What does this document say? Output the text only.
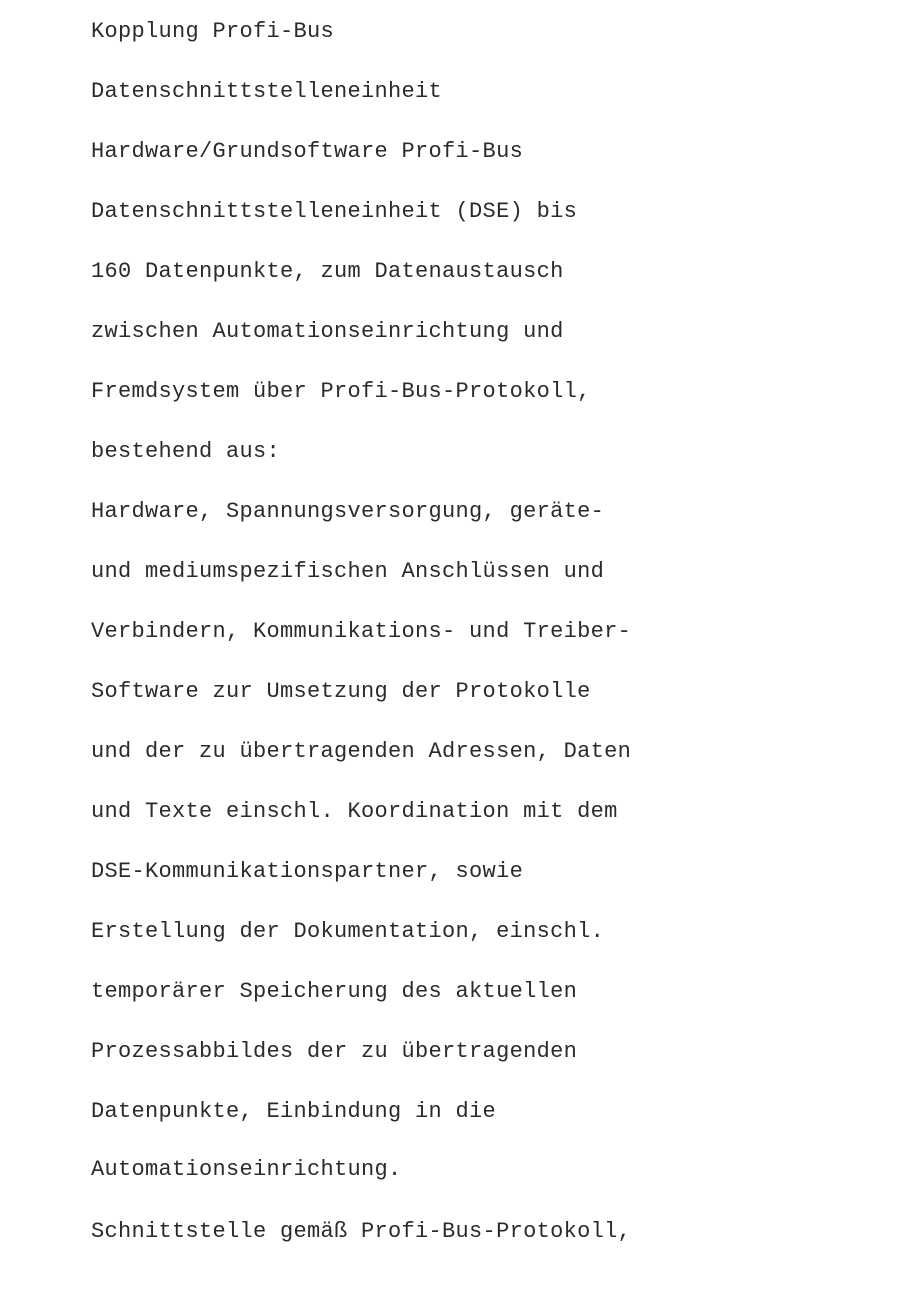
Kopplung Profi-Bus

Datenschnittstelleneinheit

Hardware/Grundsoftware Profi-Bus

Datenschnittstelleneinheit (DSE) bis

160 Datenpunkte, zum Datenaustausch

zwischen Automationseinrichtung und

Fremdsystem über Profi-Bus-Protokoll,

bestehend aus:

Hardware, Spannungsversorgung, geräte-

und mediumspezifischen Anschlüssen und

Verbindern, Kommunikations- und Treiber-

Software zur Umsetzung der Protokolle

und der zu übertragenden Adressen, Daten

und Texte einschl. Koordination mit dem

DSE-Kommunikationspartner, sowie

Erstellung der Dokumentation, einschl.

temporärer Speicherung des aktuellen

Prozessabbildes der zu übertragenden

Datenpunkte, Einbindung in die

Automationseinrichtung.

Schnittstelle gemäß Profi-Bus-Protokoll,
